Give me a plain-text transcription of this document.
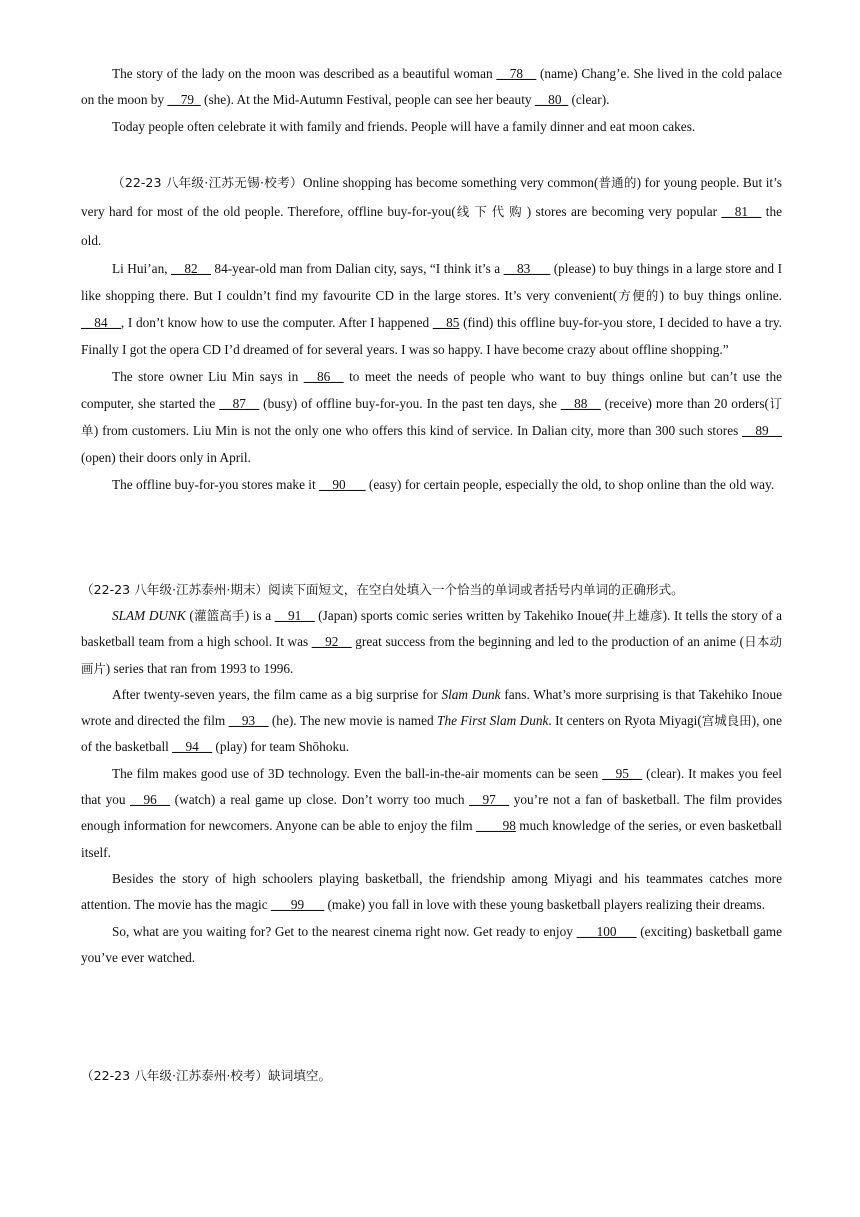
The story of the lady on the moon was described as a beautiful woman __78__ (name) Chang’e. She lived in the cold palace on the moon by __79_ (she). At the Mid-Autumn Festival, people can see her beauty __80_ (clear).

Today people often celebrate it with family and friends. People will have a family dinner and eat moon cakes.

（22-23 八年级·江苏无锡·校考）Online shopping has become something very common(普通的) for young people. But it’s very hard for most of the old people. Therefore, offline buy-for-you(线下代购) stores are becoming very popular __81__ the old.

Li Hui’an, __82__ 84-year-old man from Dalian city, says, “I think it’s a __83___ (please) to buy things in a large store and I like shopping there. But I couldn’t find my favourite CD in the large stores. It’s very convenient(方便的) to buy things online. __84__, I don’t know how to use the computer. After I happened __85 (find) this offline buy-for-you store, I decided to have a try. Finally I got the opera CD I’d dreamed of for several years. I was so happy. I have become crazy about offline shopping.”

The store owner Liu Min says in __86__ to meet the needs of people who want to buy things online but can’t use the computer, she started the __87__ (busy) of offline buy-for-you. In the past ten days, she __88__ (receive) more than 20 orders(订单) from customers. Liu Min is not the only one who offers this kind of service. In Dalian city, more than 300 such stores __89__ (open) their doors only in April.

The offline buy-for-you stores make it __90___ (easy) for certain people, especially the old, to shop online than the old way.

（22-23 八年级·江苏泰州·期末）阅读下面短文，在空白处填入一个恰当的单词或者括号内单词的正确形式。

SLAM DUNK (灌篮高手) is a __91__ (Japan) sports comic series written by Takehiko Inoue(井上雄彦). It tells the story of a basketball team from a high school. It was __92__ great success from the beginning and led to the production of an anime (日本动画片) series that ran from 1993 to 1996.

After twenty-seven years, the film came as a big surprise for Slam Dunk fans. What’s more surprising is that Takehiko Inoue wrote and directed the film __93__ (he). The new movie is named The First Slam Dunk. It centers on Ryota Miyagi(宫城良田), one of the basketball __94__ (play) for team Shōhoku.

The film makes good use of 3D technology. Even the ball-in-the-air moments can be seen __95__ (clear). It makes you feel that you __96__ (watch) a real game up close. Don’t worry too much __97__ you’re not a fan of basketball. The film provides enough information for newcomers. Anyone can be able to enjoy the film ____98 much knowledge of the series, or even basketball itself.

Besides the story of high schoolers playing basketball, the friendship among Miyagi and his teammates catches more attention. The movie has the magic ___99___ (make) you fall in love with these young basketball players realizing their dreams.

So, what are you waiting for? Get to the nearest cinema right now. Get ready to enjoy ___100___ (exciting) basketball game you’ve ever watched.

（22-23 八年级·江苏泰州·校考）缺词填空。
